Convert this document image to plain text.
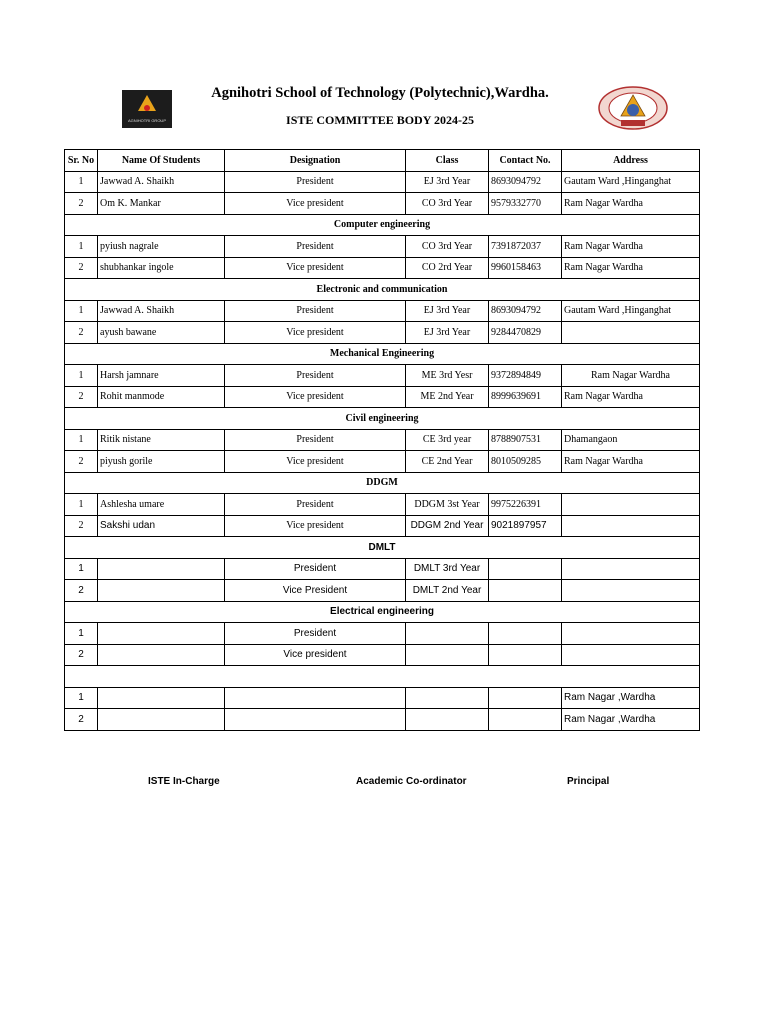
AGNIHOTRI GROUP
Agnihotri School of Technology (Polytechnic),Wardha.
ISTE COMMITTEE BODY 2024-25
Sr. No	Name Of Students	Designation	Class	Contact No.	Address
1	Jawwad A. Shaikh	President	EJ 3rd Year	8693094792	Gautam Ward ,Hinganghat
2	Om K. Mankar	Vice president	CO 3rd Year	9579332770	Ram Nagar Wardha
Computer engineering					
1	pyiush nagrale	President	CO 3rd Year	7391872037	Ram Nagar Wardha
2	shubhankar ingole	Vice president	CO 2rd Year	9960158463	Ram Nagar Wardha
Electronic and communication					
1	Jawwad A. Shaikh	President	EJ 3rd Year	8693094792	Gautam Ward ,Hinganghat
2	ayush bawane	Vice president	EJ 3rd Year	9284470829	
Mechanical Engineering					
1	Harsh jamnare	President	ME 3rd Yesr	9372894849	Ram Nagar Wardha
2	Rohit manmode	Vice president	ME 2nd Year	8999639691	Ram Nagar Wardha
Civil engineering					
1	Ritik nistane	President	CE 3rd year	8788907531	Dhamangaon
2	piyush gorile	Vice president	CE 2nd Year	8010509285	Ram Nagar Wardha
DDGM					
1	Ashlesha umare	President	DDGM 3st Year	9975226391	
2	Sakshi udan	Vice president	DDGM 2nd Year	9021897957	
DMLT					
1		President	DMLT 3rd Year		
2		Vice President	DMLT 2nd Year		
Electrical engineering					
1		President			
2		Vice president			

1					Ram Nagar ,Wardha
2					Ram Nagar ,Wardha
ISTE In-Charge	Academic Co-ordinator	Principal
